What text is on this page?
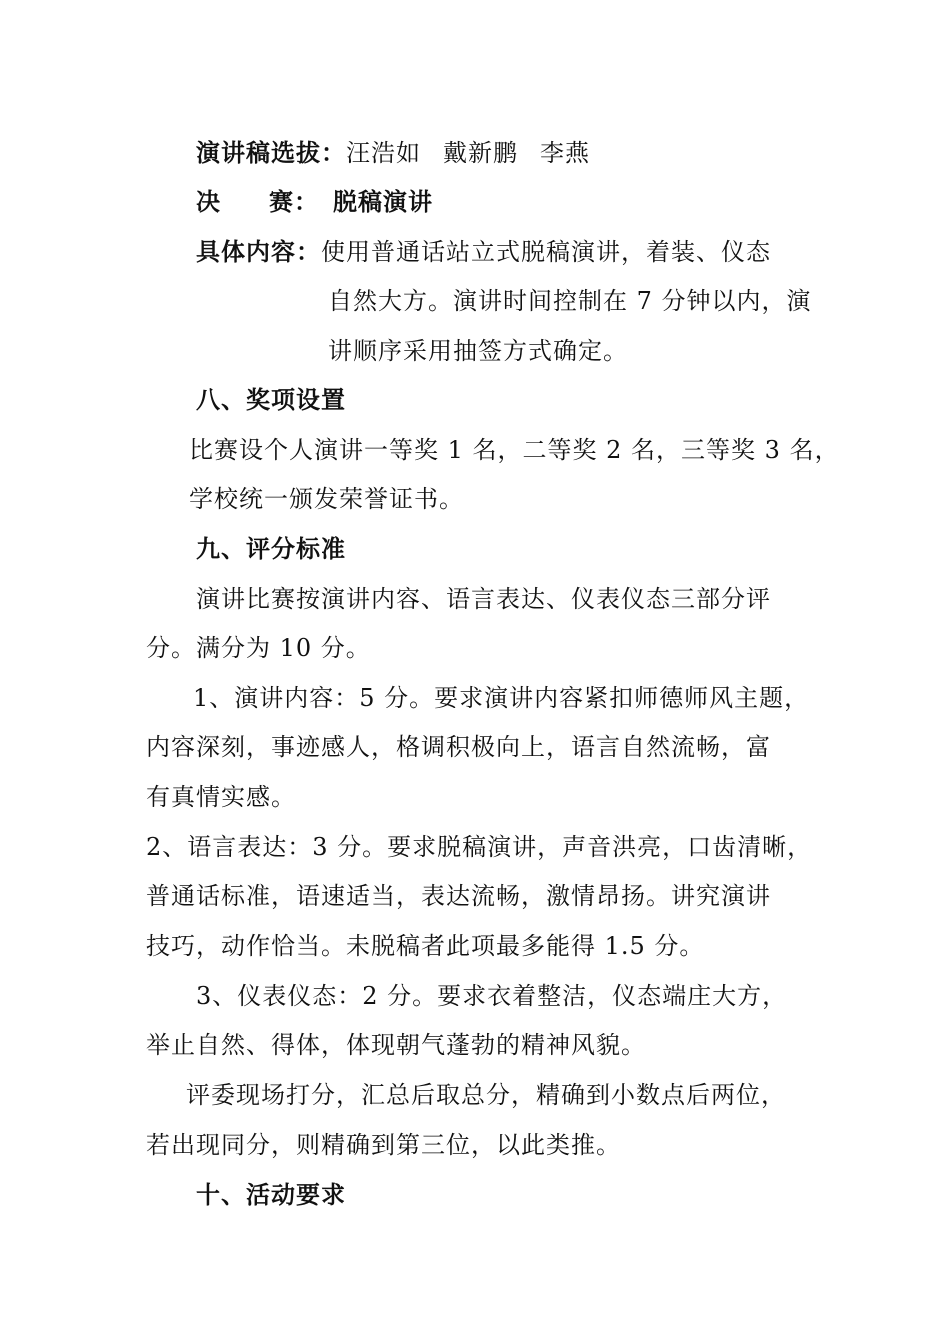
演讲稿选拔：汪浩如 戴新鹏 李燕
决 赛： 脱稿演讲
具体内容：使用普通话站立式脱稿演讲，着装、仪态
自然大方。演讲时间控制在 7 分钟以内，演
讲顺序采用抽签方式确定。
八、奖项设置
比赛设个人演讲一等奖 1 名，二等奖 2 名，三等奖 3 名，
学校统一颁发荣誉证书。
九、评分标准
演讲比赛按演讲内容、语言表达、仪表仪态三部分评
分。满分为 10 分。
1、演讲内容：5 分。要求演讲内容紧扣师德师风主题，
内容深刻，事迹感人，格调积极向上，语言自然流畅，富
有真情实感。
2、语言表达：3 分。要求脱稿演讲，声音洪亮，口齿清晰，
普通话标准，语速适当，表达流畅，激情昂扬。讲究演讲
技巧，动作恰当。未脱稿者此项最多能得 1.5 分。
3、仪表仪态：2 分。要求衣着整洁，仪态端庄大方，
举止自然、得体，体现朝气蓬勃的精神风貌。
评委现场打分，汇总后取总分，精确到小数点后两位，
若出现同分，则精确到第三位，以此类推。
十、活动要求
